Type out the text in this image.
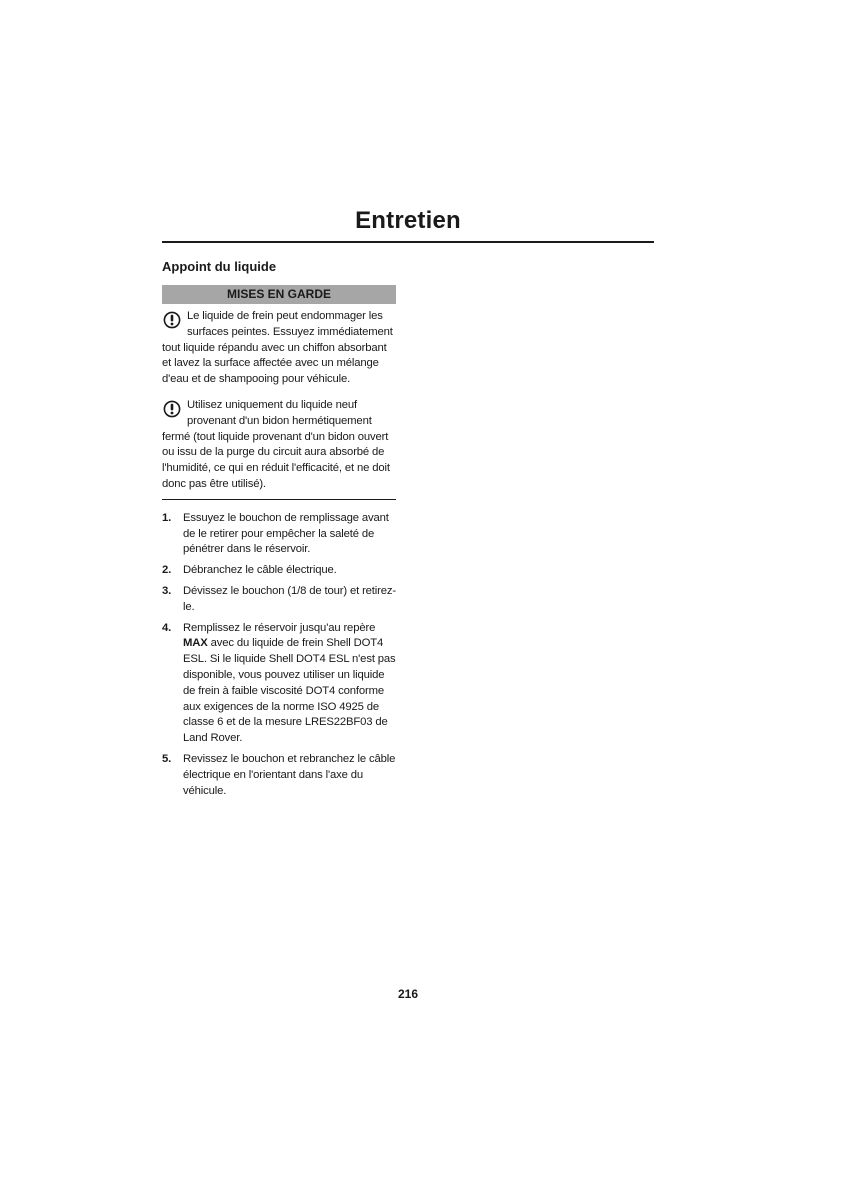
Entretien
Appoint du liquide
MISES EN GARDE
Le liquide de frein peut endommager les surfaces peintes. Essuyez immédiatement tout liquide répandu avec un chiffon absorbant et lavez la surface affectée avec un mélange d'eau et de shampooing pour véhicule.
Utilisez uniquement du liquide neuf provenant d'un bidon hermétiquement fermé (tout liquide provenant d'un bidon ouvert ou issu de la purge du circuit aura absorbé de l'humidité, ce qui en réduit l'efficacité, et ne doit donc pas être utilisé).
1. Essuyez le bouchon de remplissage avant de le retirer pour empêcher la saleté de pénétrer dans le réservoir.
2. Débranchez le câble électrique.
3. Dévissez le bouchon (1/8 de tour) et retirez-le.
4. Remplissez le réservoir jusqu'au repère MAX avec du liquide de frein Shell DOT4 ESL. Si le liquide Shell DOT4 ESL n'est pas disponible, vous pouvez utiliser un liquide de frein à faible viscosité DOT4 conforme aux exigences de la norme ISO 4925 de classe 6 et de la mesure LRES22BF03 de Land Rover.
5. Revissez le bouchon et rebranchez le câble électrique en l'orientant dans l'axe du véhicule.
216
